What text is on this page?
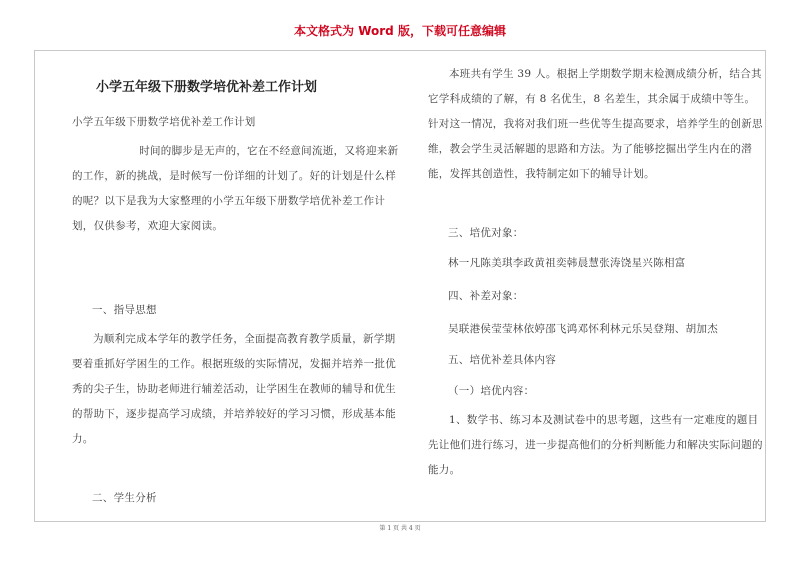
本文格式为 Word 版，下载可任意编辑
小学五年级下册数学培优补差工作计划
小学五年级下册数学培优补差工作计划
时间的脚步是无声的，它在不经意间流逝，又将迎来新的工作，新的挑战，是时候写一份详细的计划了。好的计划是什么样的呢？以下是我为大家整理的小学五年级下册数学培优补差工作计划，仅供参考，欢迎大家阅读。
一、指导思想
为顺利完成本学年的教学任务，全面提高教育教学质量，新学期要着重抓好学困生的工作。根据班级的实际情况，发掘并培养一批优秀的尖子生，协助老师进行辅差活动，让学困生在教师的辅导和优生的帮助下，逐步提高学习成绩，并培养较好的学习习惯，形成基本能力。
二、学生分析
本班共有学生 39 人。根据上学期数学期末检测成绩分析，结合其它学科成绩的了解，有 8 名优生，8 名差生，其余属于成绩中等生。针对这一情况，我将对我们班一些优等生提高要求，培养学生的创新思维，教会学生灵活解题的思路和方法。为了能够挖掘出学生内在的潜能，发挥其创造性，我特制定如下的辅导计划。
三、培优对象：
林一凡陈美琪李政黄祖奕韩晨慧张涛饶星兴陈相富
四、补差对象：
吴联港侯莹莹林依婷邵飞鸿邓怀利林元乐吴登翔、胡加杰
五、培优补差具体内容
（一）培优内容：
1、数学书、练习本及测试卷中的思考题，这些有一定难度的题目先让他们进行练习，进一步提高他们的分析判断能力和解决实际问题的能力。
第 1 页 共 4 页
